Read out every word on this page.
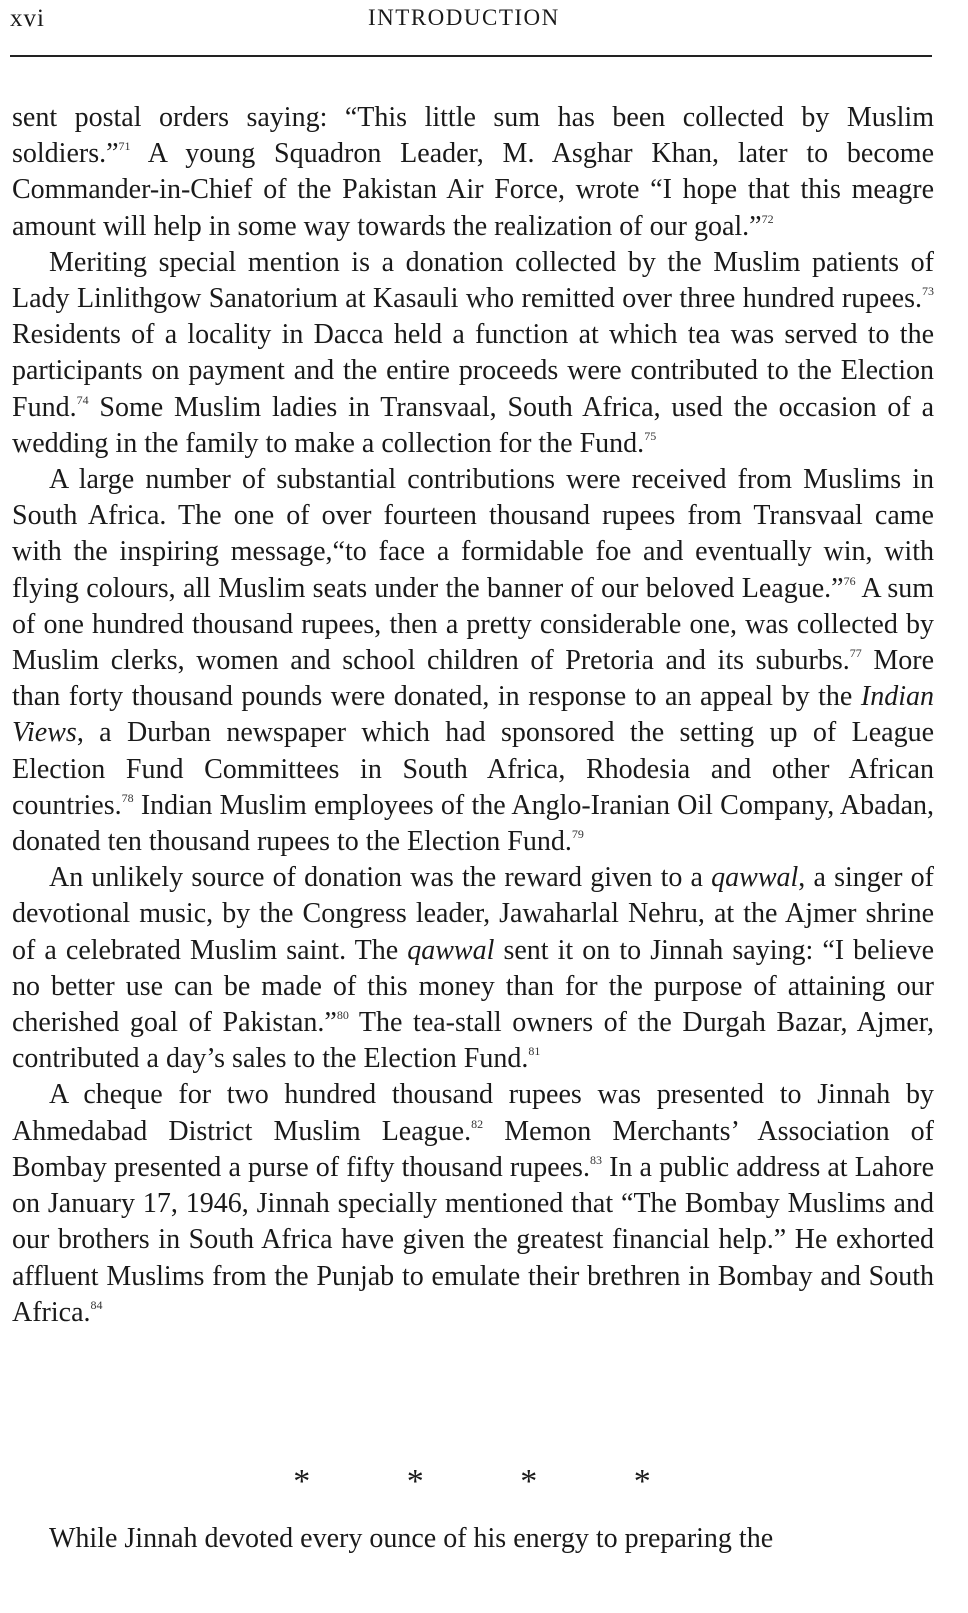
xvi	INTRODUCTION

sent postal orders saying: “This little sum has been collected by Muslim soldiers.”$^{71}$ A young Squadron Leader, M. Asghar Khan, later to become Commander-in-Chief of the Pakistan Air Force, wrote “I hope that this meagre amount will help in some way towards the realization of our goal.”$^{72}$

Meriting special mention is a donation collected by the Muslim patients of Lady Linlithgow Sanatorium at Kasauli who remitted over three hundred rupees.$^{73}$ Residents of a locality in Dacca held a function at which tea was served to the participants on payment and the entire proceeds were contributed to the Election Fund.$^{74}$ Some Muslim ladies in Transvaal, South Africa, used the occasion of a wedding in the family to make a collection for the Fund.$^{75}$

A large number of substantial contributions were received from Muslims in South Africa. The one of over fourteen thousand rupees from Transvaal came with the inspiring message,“to face a formidable foe and eventually win, with flying colours, all Muslim seats under the banner of our beloved League.”$^{76}$ A sum of one hundred thousand rupees, then a pretty considerable one, was collected by Muslim clerks, women and school children of Pretoria and its suburbs.$^{77}$ More than forty thousand pounds were donated, in response to an appeal by the Indian Views, a Durban newspaper which had sponsored the setting up of League Election Fund Committees in South Africa, Rhodesia and other African countries.$^{78}$ Indian Muslim employees of the Anglo-Iranian Oil Company, Abadan, donated ten thousand rupees to the Election Fund.$^{79}$

An unlikely source of donation was the reward given to a qawwal, a singer of devotional music, by the Congress leader, Jawaharlal Nehru, at the Ajmer shrine of a celebrated Muslim saint. The qawwal sent it on to Jinnah saying: “I believe no better use can be made of this money than for the purpose of attaining our cherished goal of Pakistan.”$^{80}$ The tea-stall owners of the Durgah Bazar, Ajmer, contributed a day’s sales to the Election Fund.$^{81}$

A cheque for two hundred thousand rupees was presented to Jinnah by Ahmedabad District Muslim League.$^{82}$ Memon Merchants’ Association of Bombay presented a purse of fifty thousand rupees.$^{83}$ In a public address at Lahore on January 17, 1946, Jinnah specially mentioned that “The Bombay Muslims and our brothers in South Africa have given the greatest financial help.” He exhorted affluent Muslims from the Punjab to emulate their brethren in Bombay and South Africa.$^{84}$

* * * *
While Jinnah devoted every ounce of his energy to preparing the
